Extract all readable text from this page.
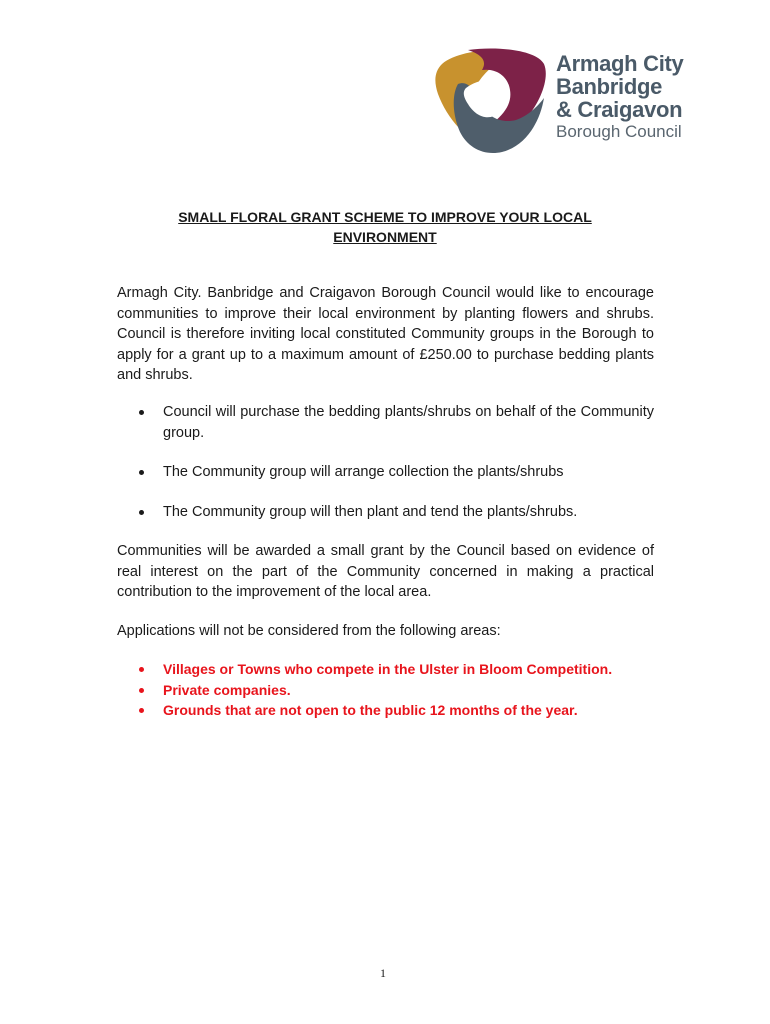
Armagh City
Banbridge
& Craigavon
Borough Council
SMALL FLORAL GRANT SCHEME TO IMPROVE YOUR LOCAL
ENVIRONMENT

Armagh City. Banbridge and Craigavon Borough Council would like to encourage communities to improve their local environment by planting flowers and shrubs. Council is therefore inviting local constituted Community groups in the Borough to apply for a grant up to a maximum amount of £250.00 to purchase bedding plants and shrubs.

Council will purchase the bedding plants/shrubs on behalf of the Community group.
The Community group will arrange collection the plants/shrubs
The Community group will then plant and tend the plants/shrubs.

Communities will be awarded a small grant by the Council based on evidence of real interest on the part of the Community concerned in making a practical contribution to the improvement of the local area.

Applications will not be considered from the following areas:

Villages or Towns who compete in the Ulster in Bloom Competition.
Private companies.
Grounds that are not open to the public 12 months of the year.
1
